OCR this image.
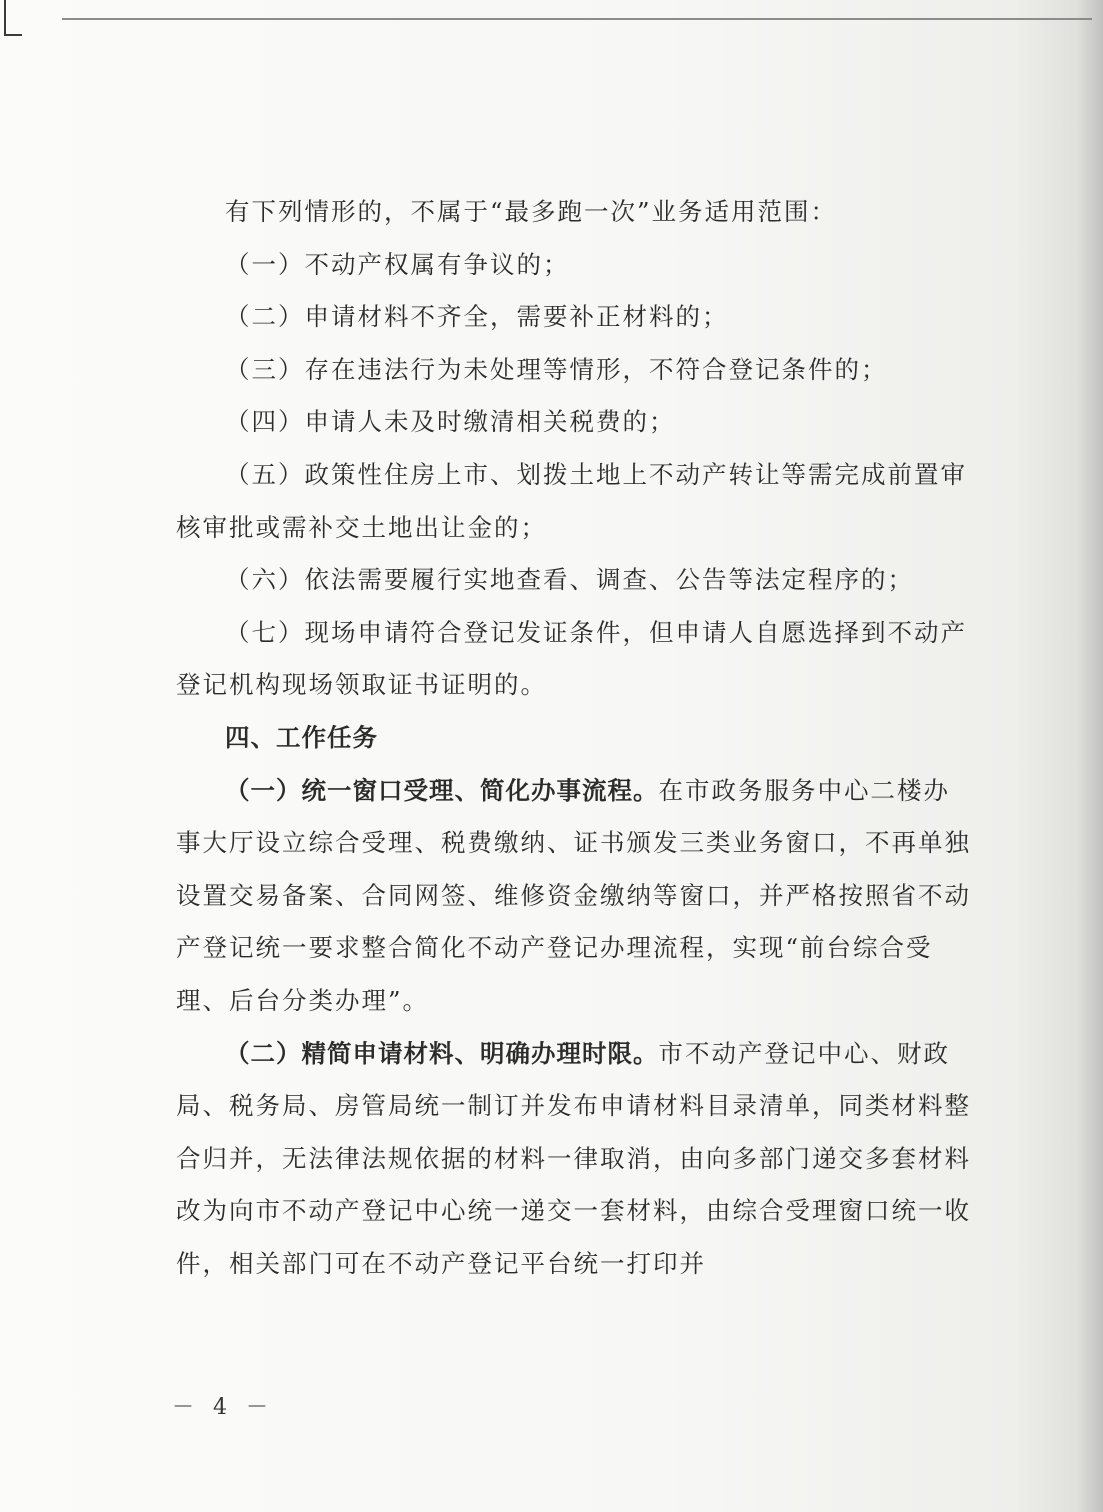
有下列情形的，不属于“最多跑一次”业务适用范围：

（一）不动产权属有争议的；

（二）申请材料不齐全，需要补正材料的；

（三）存在违法行为未处理等情形，不符合登记条件的；

（四）申请人未及时缴清相关税费的；

（五）政策性住房上市、划拨土地上不动产转让等需完成前置审核审批或需补交土地出让金的；

（六）依法需要履行实地查看、调查、公告等法定程序的；

（七）现场申请符合登记发证条件，但申请人自愿选择到不动产登记机构现场领取证书证明的。

四、工作任务

（一）统一窗口受理、简化办事流程。在市政务服务中心二楼办事大厅设立综合受理、税费缴纳、证书颁发三类业务窗口，不再单独设置交易备案、合同网签、维修资金缴纳等窗口，并严格按照省不动产登记统一要求整合简化不动产登记办理流程，实现“前台综合受理、后台分类办理”。

（二）精简申请材料、明确办理时限。市不动产登记中心、财政局、税务局、房管局统一制订并发布申请材料目录清单，同类材料整合归并，无法律法规依据的材料一律取消，由向多部门递交多套材料改为向市不动产登记中心统一递交一套材料，由综合受理窗口统一收件，相关部门可在不动产登记平台统一打印并

－ 4 －
